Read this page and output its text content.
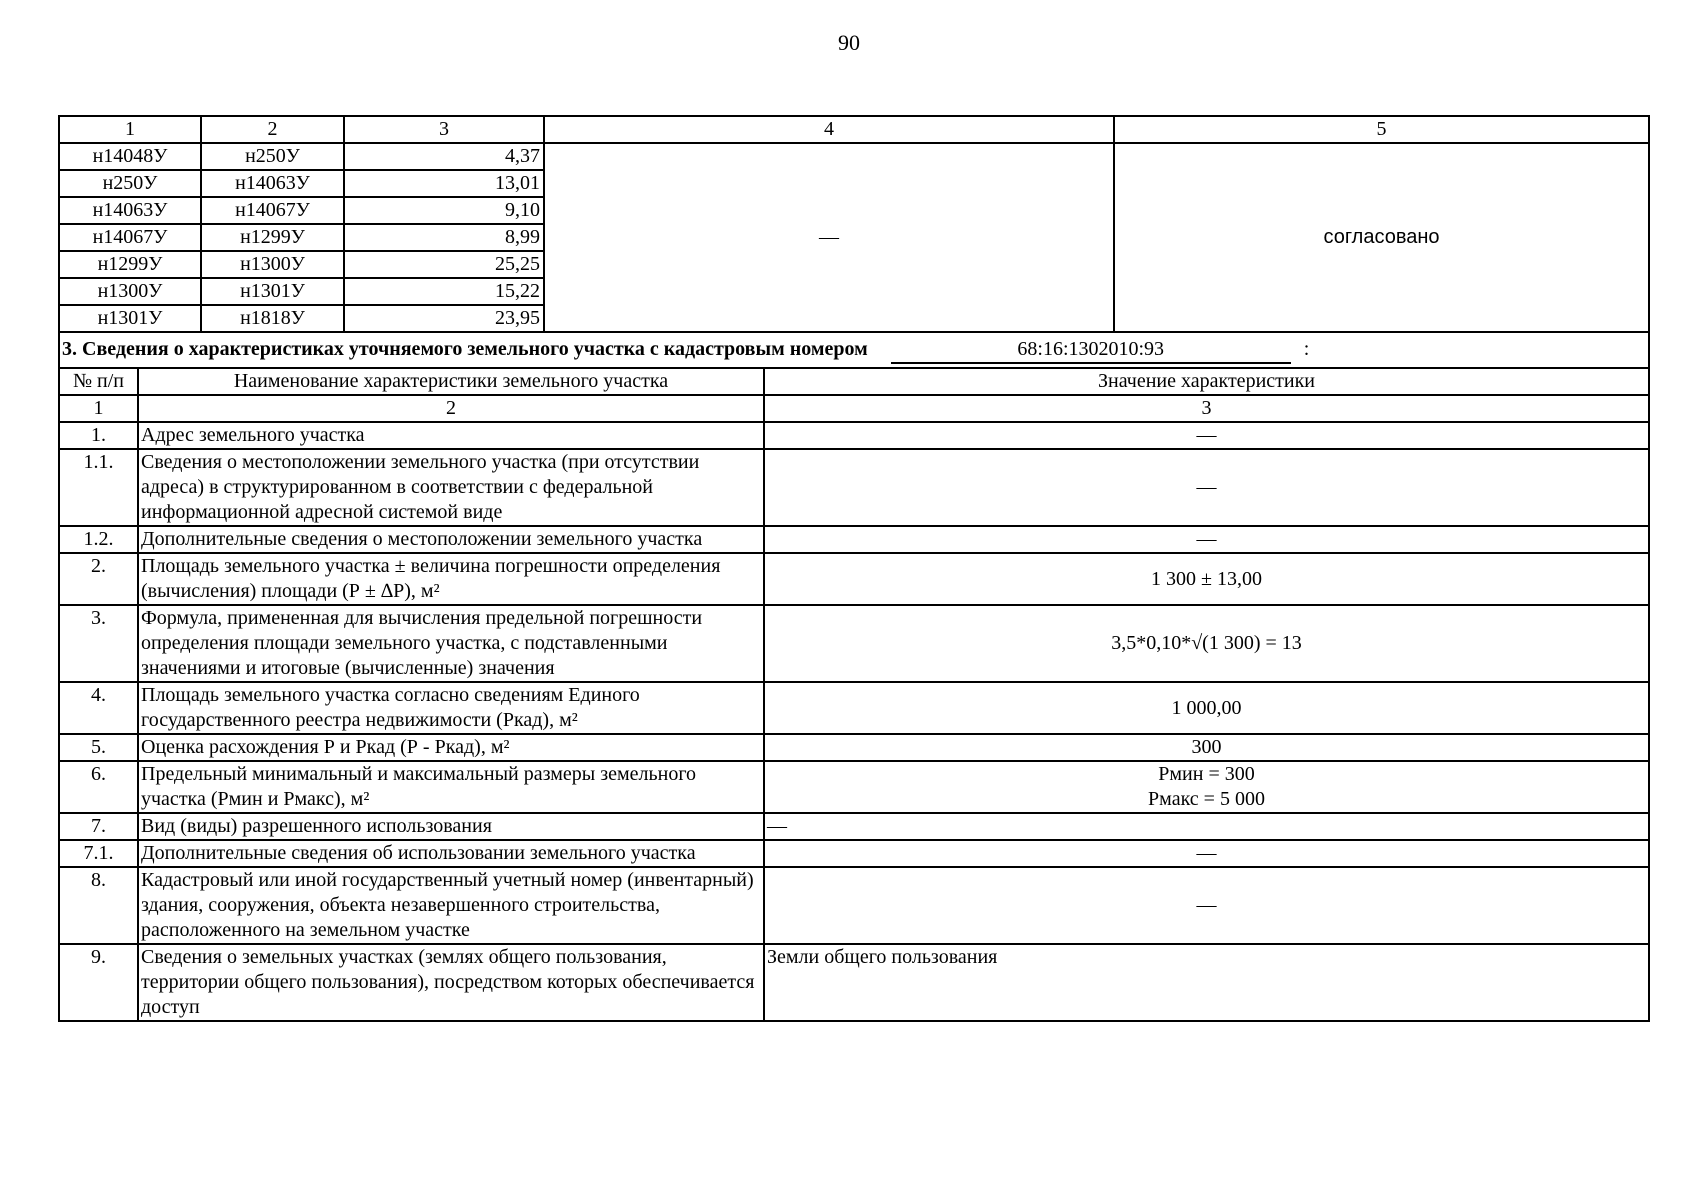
90
1	2	3	4	5
н14048У	н250У	4,37	—	согласовано
н250У	н14063У	13,01		
н14063У	н14067У	9,10		
н14067У	н1299У	8,99		
н1299У	н1300У	25,25		
н1300У	н1301У	15,22		
н1301У	н1818У	23,95		
3. Сведения о характеристиках уточняемого земельного участка с кадастровым номером 68:16:1302010:93 :		
№ п/п	Наименование характеристики земельного участка	Значение характеристики
1	2	3
1.	Адрес земельного участка	—
1.1.	Сведения о местоположении земельного участка (при отсутствии адреса) в структурированном в соответствии с федеральной информационной адресной системой виде	—
1.2.	Дополнительные сведения о местоположении земельного участка	—
2.	Площадь земельного участка ± величина погрешности определения (вычисления) площади (Р ± ∆Р), м²	1 300 ± 13,00
3.	Формула, примененная для вычисления предельной погрешности определения площади земельного участка, с подставленными значениями и итоговые (вычисленные) значения	3,5*0,10*√(1 300) = 13
4.	Площадь земельного участка согласно сведениям Единого государственного реестра недвижимости (Ркад), м²	1 000,00
5.	Оценка расхождения Р и Ркад (Р - Ркад), м²	300
6.	Предельный минимальный и максимальный размеры земельного участка (Рмин и Рмакс), м²	Рмин = 300
Рмакс = 5 000

7.	Вид (виды) разрешенного использования	—
7.1.	Дополнительные сведения об использовании земельного участка	—
8.	Кадастровый или иной государственный учетный номер (инвентарный) здания, сооружения, объекта незавершенного строительства, расположенного на земельном участке	—
9.	Сведения о земельных участках (землях общего пользования, территории общего пользования), посредством которых обеспечивается доступ	Земли общего пользования
